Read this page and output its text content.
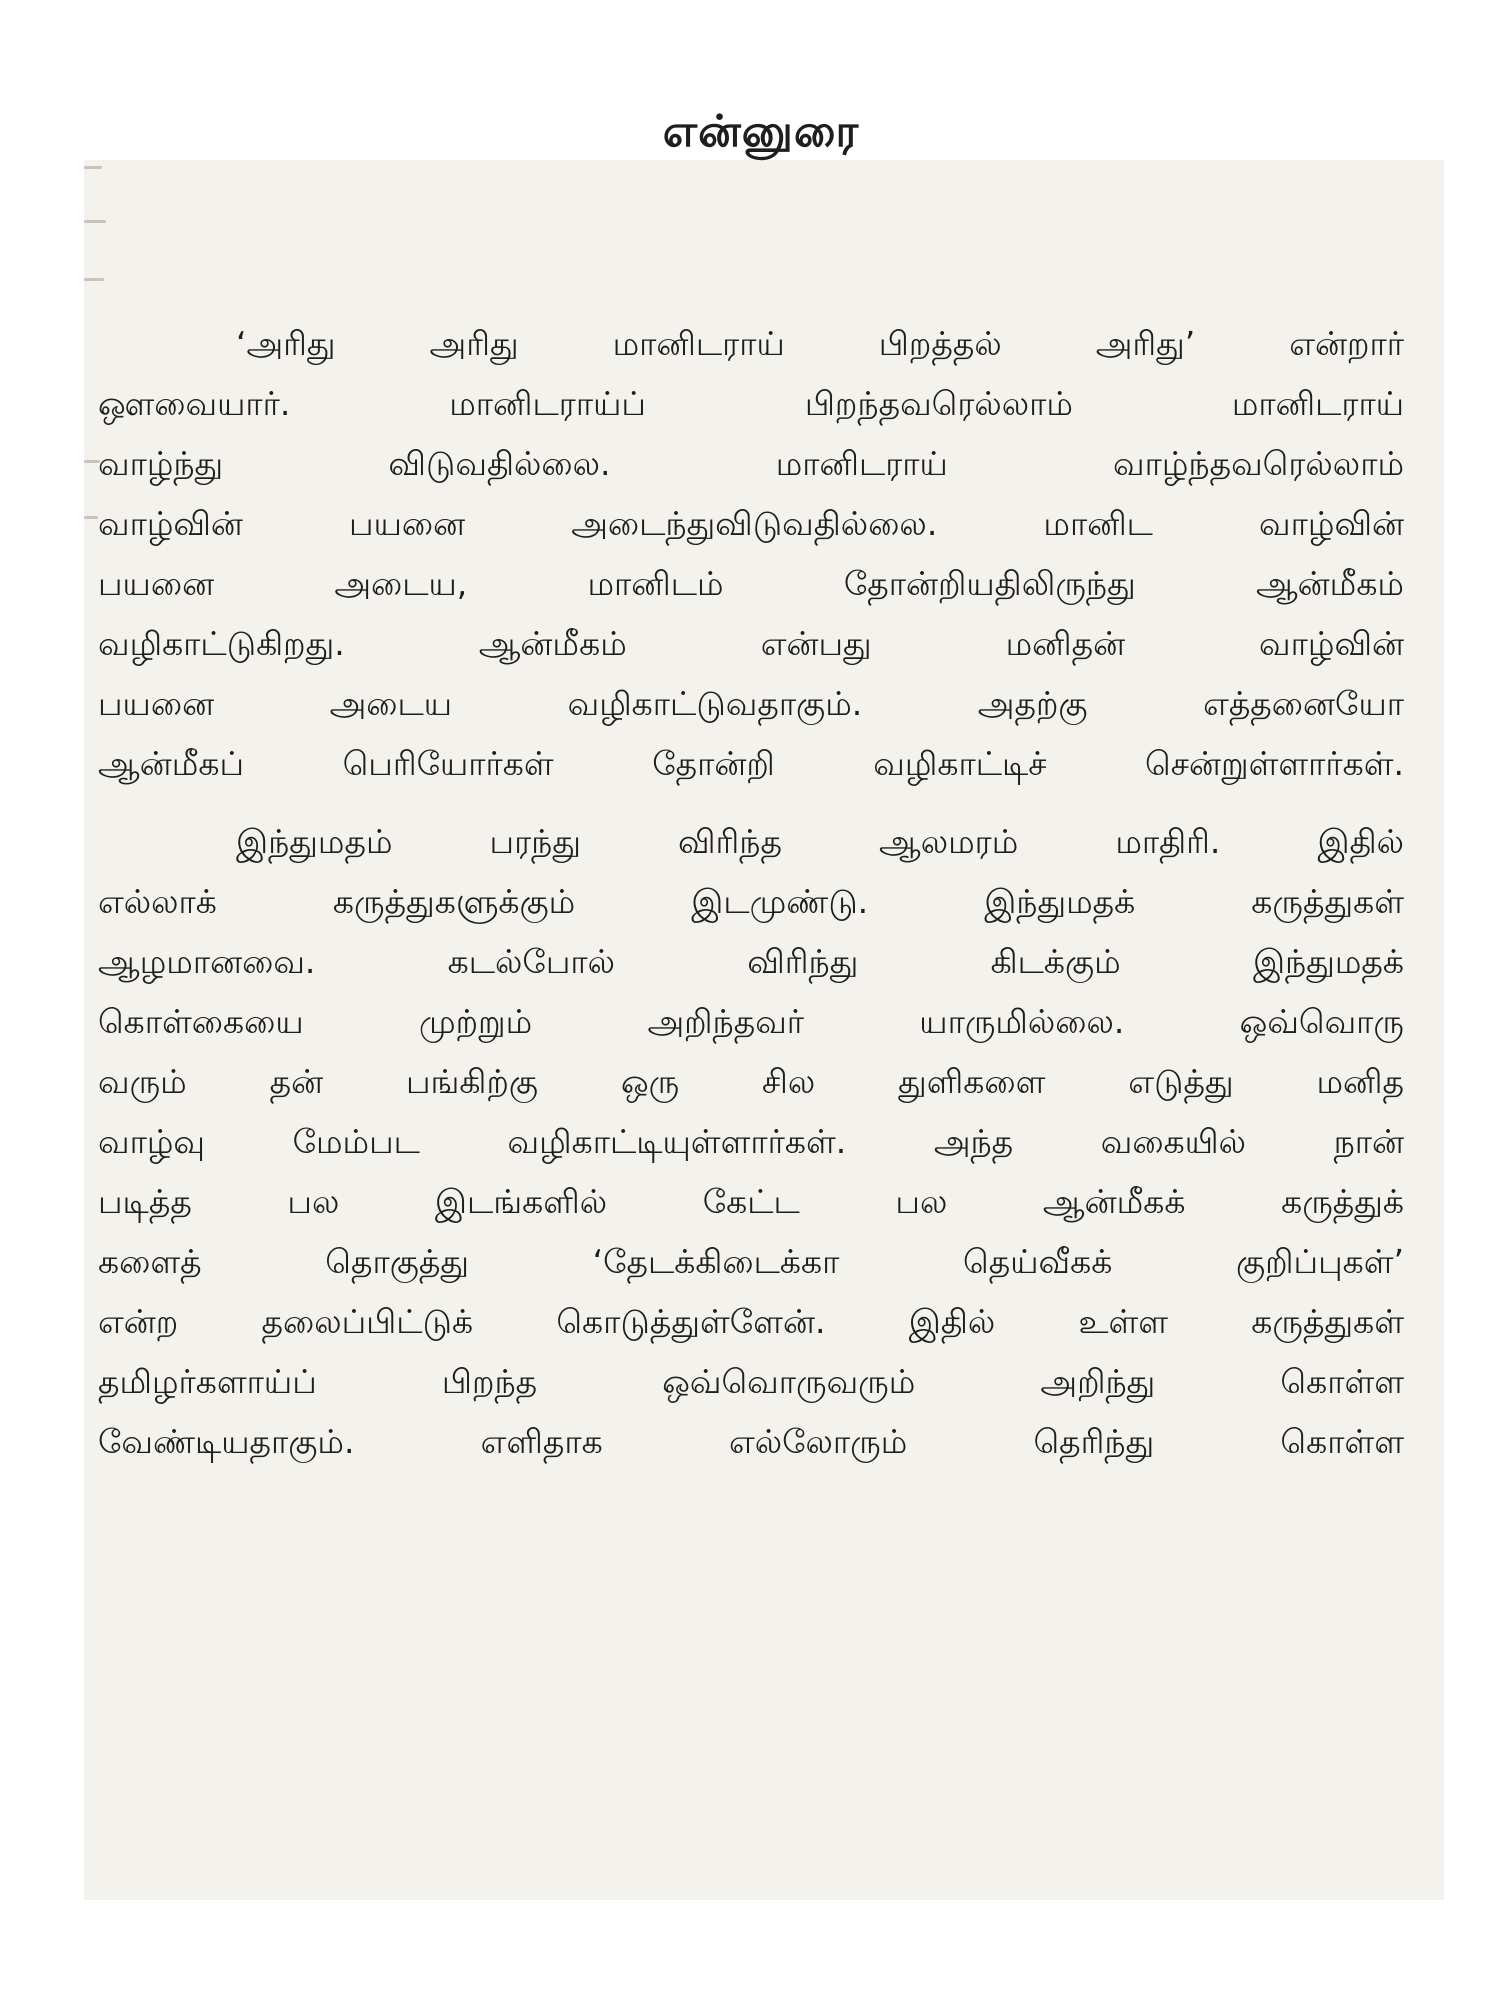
என்னுரை

‘அரிது அரிது மானிடராய் பிறத்தல் அரிது’ என்றார்
ஔவையார். மானிடராய்ப் பிறந்தவரெல்லாம் மானிடராய்
வாழ்ந்து விடுவதில்லை. மானிடராய் வாழ்ந்தவரெல்லாம்
வாழ்வின் பயனை அடைந்துவிடுவதில்லை. மானிட வாழ்வின்
பயனை அடைய, மானிடம் தோன்றியதிலிருந்து ஆன்மீகம்
வழிகாட்டுகிறது. ஆன்மீகம் என்பது மனிதன் வாழ்வின்
பயனை அடைய வழிகாட்டுவதாகும். அதற்கு எத்தனையோ
ஆன்மீகப் பெரியோர்கள் தோன்றி வழிகாட்டிச் சென்றுள்ளார்கள்.

இந்துமதம் பரந்து விரிந்த ஆலமரம் மாதிரி. இதில்
எல்லாக் கருத்துகளுக்கும் இடமுண்டு. இந்துமதக் கருத்துகள்
ஆழமானவை. கடல்போல் விரிந்து கிடக்கும் இந்துமதக்
கொள்கையை முற்றும் அறிந்தவர் யாருமில்லை. ஒவ்வொரு
வரும் தன் பங்கிற்கு ஒரு சில துளிகளை எடுத்து மனித
வாழ்வு மேம்பட வழிகாட்டியுள்ளார்கள். அந்த வகையில் நான்
படித்த பல இடங்களில் கேட்ட பல ஆன்மீகக் கருத்துக்
களைத் தொகுத்து ‘தேடக்கிடைக்கா தெய்வீகக் குறிப்புகள்’
என்ற தலைப்பிட்டுக் கொடுத்துள்ளேன். இதில் உள்ள கருத்துகள்
தமிழர்களாய்ப் பிறந்த ஒவ்வொருவரும் அறிந்து கொள்ள
வேண்டியதாகும். எளிதாக எல்லோரும் தெரிந்து கொள்ள
